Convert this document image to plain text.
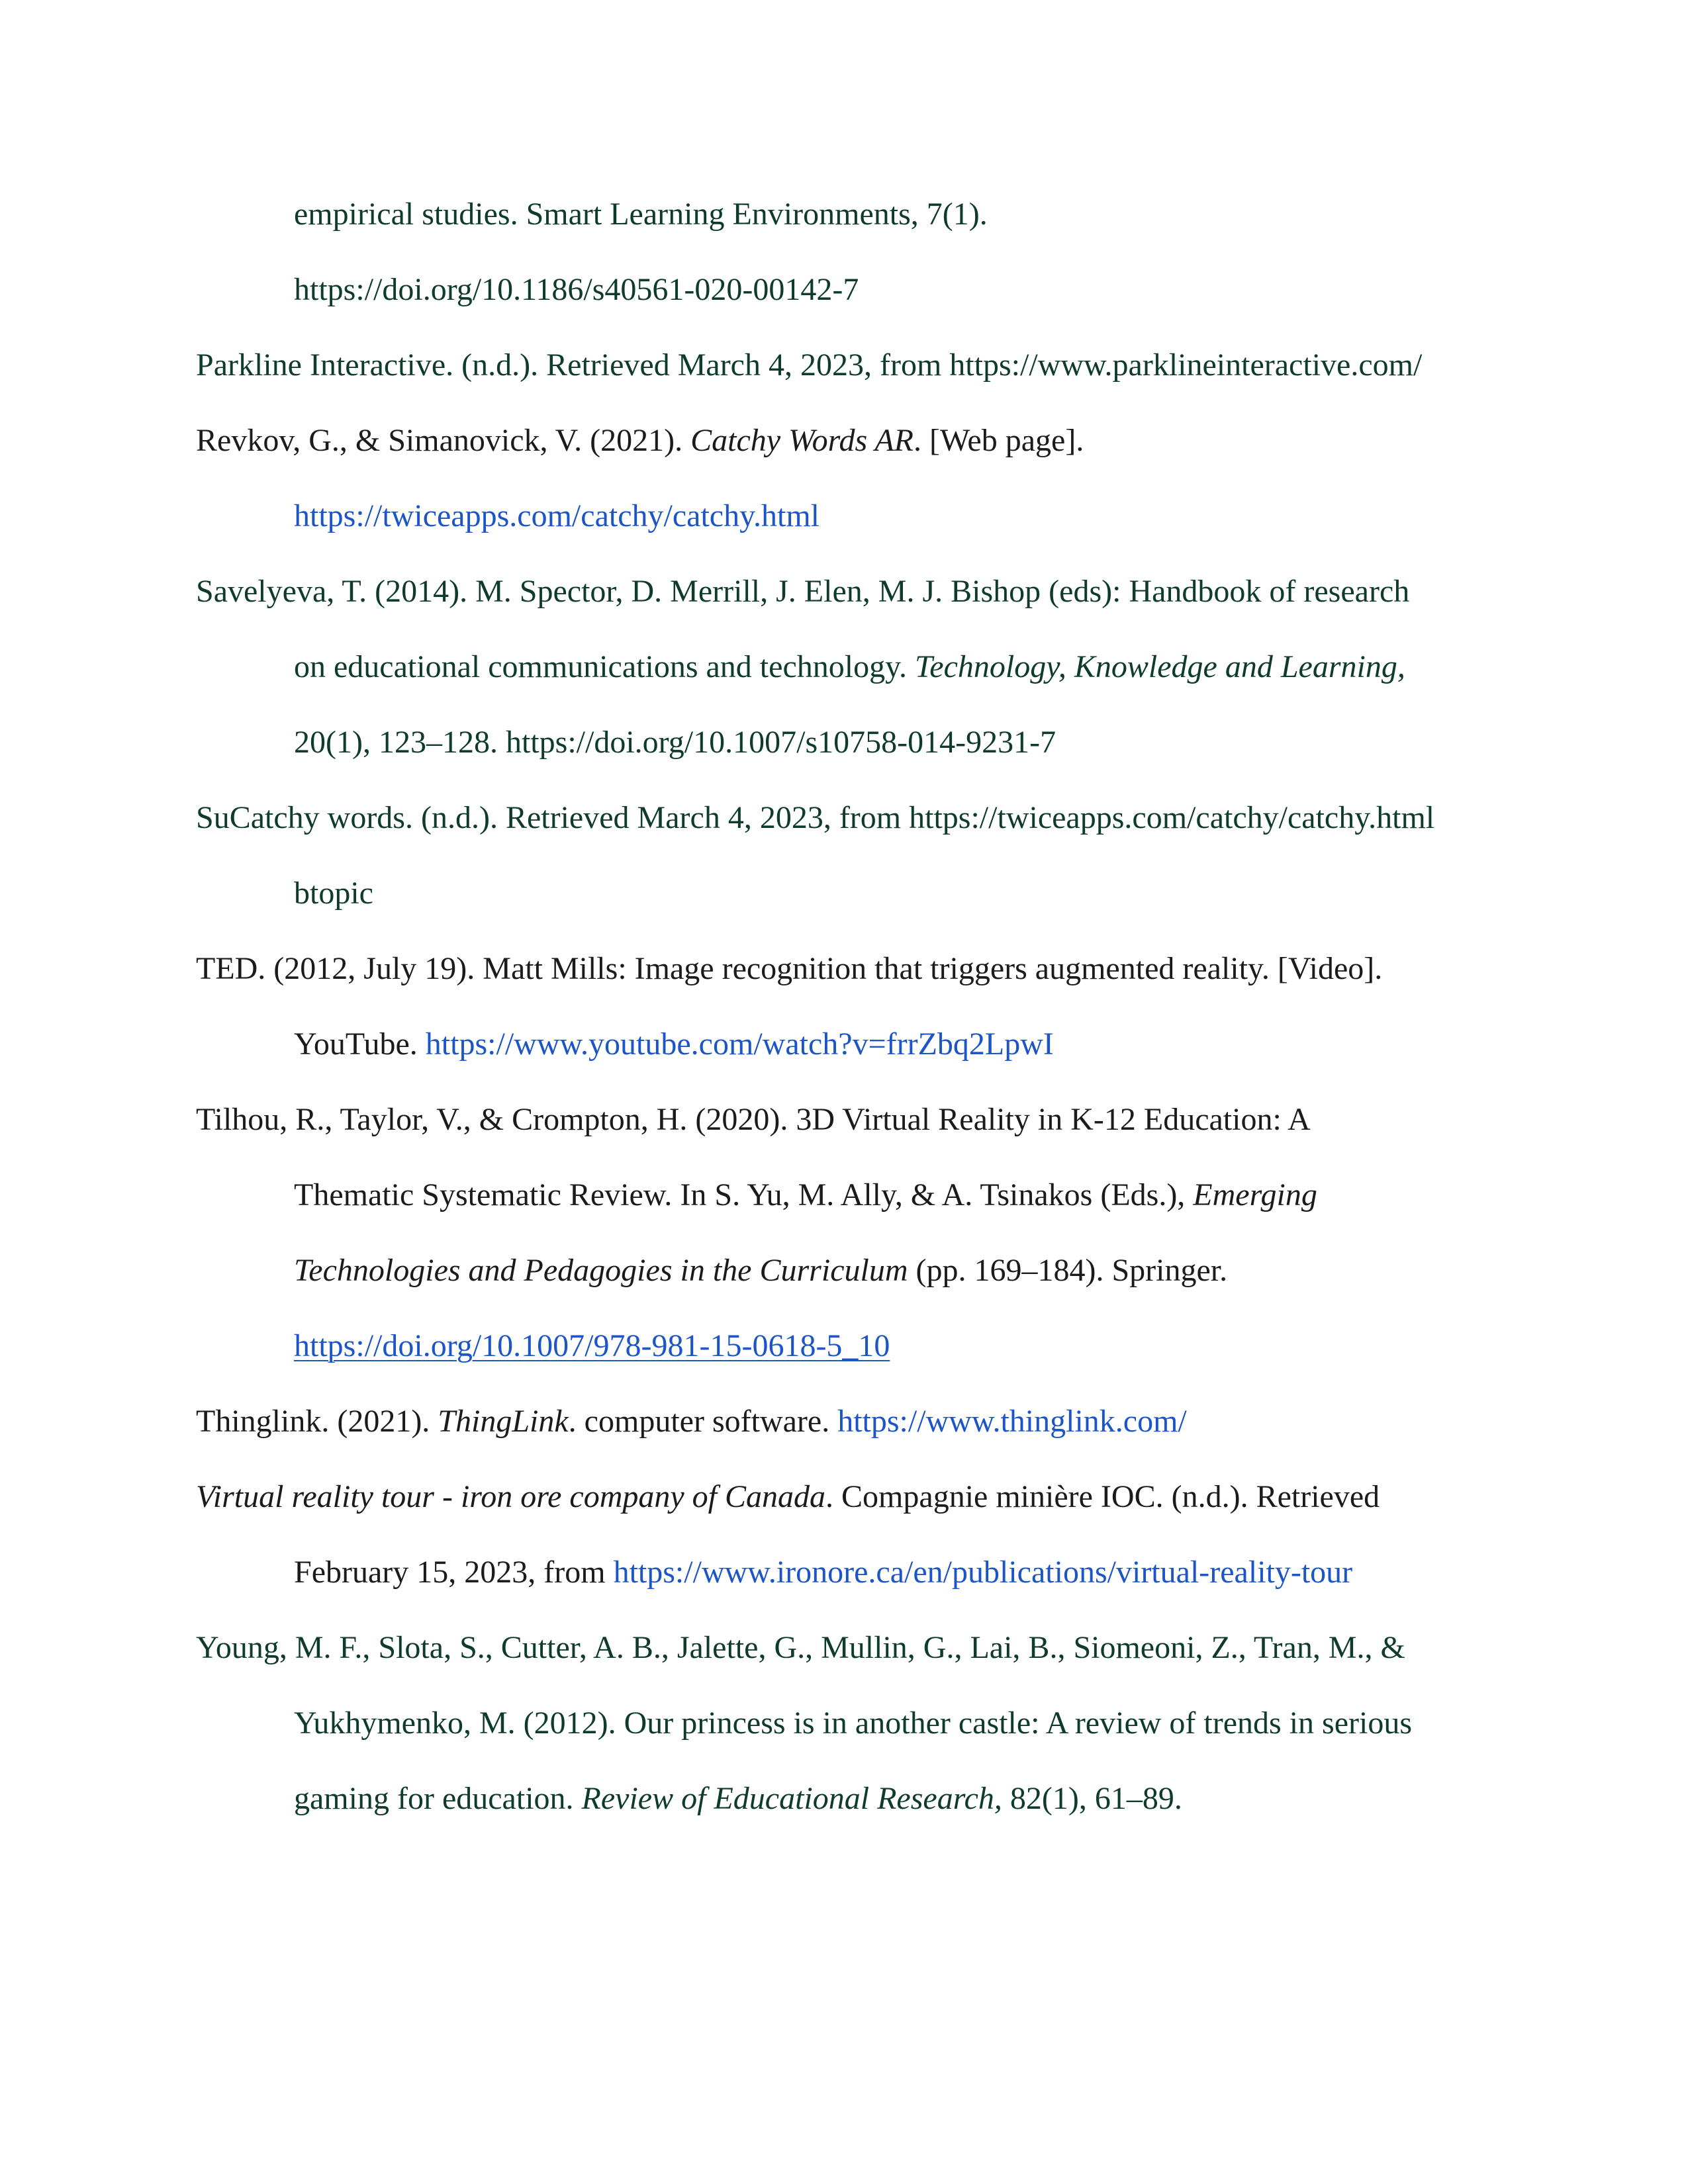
empirical studies. Smart Learning Environments, 7(1).
https://doi.org/10.1186/s40561-020-00142-7
Parkline Interactive. (n.d.). Retrieved March 4, 2023, from https://www.parklineinteractive.com/
Revkov, G., & Simanovick, V. (2021). Catchy Words AR. [Web page].
https://twiceapps.com/catchy/catchy.html
Savelyeva, T. (2014). M. Spector, D. Merrill, J. Elen, M. J. Bishop (eds): Handbook of research
on educational communications and technology. Technology, Knowledge and Learning,
20(1), 123–128. https://doi.org/10.1007/s10758-014-9231-7
SuCatchy words. (n.d.). Retrieved March 4, 2023, from https://twiceapps.com/catchy/catchy.html
btopic
TED. (2012, July 19). Matt Mills: Image recognition that triggers augmented reality. [Video].
YouTube. https://www.youtube.com/watch?v=frrZbq2LpwI
Tilhou, R., Taylor, V., & Crompton, H. (2020). 3D Virtual Reality in K-12 Education: A
Thematic Systematic Review. In S. Yu, M. Ally, & A. Tsinakos (Eds.), Emerging
Technologies and Pedagogies in the Curriculum (pp. 169–184). Springer.
https://doi.org/10.1007/978-981-15-0618-5_10
Thinglink. (2021). ThingLink. computer software. https://www.thinglink.com/
Virtual reality tour - iron ore company of Canada. Compagnie minière IOC. (n.d.). Retrieved
February 15, 2023, from https://www.ironore.ca/en/publications/virtual-reality-tour
Young, M. F., Slota, S., Cutter, A. B., Jalette, G., Mullin, G., Lai, B., Siomeoni, Z., Tran, M., &
Yukhymenko, M. (2012). Our princess is in another castle: A review of trends in serious
gaming for education. Review of Educational Research, 82(1), 61–89.
